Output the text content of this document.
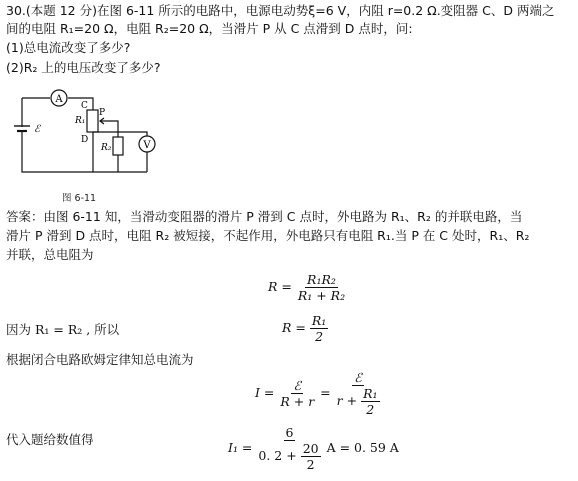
30.(本题 12 分)在图 6-11 所示的电路中，电源电动势ξ=6 V，内阻 r=0.2 Ω.变阻器 C、D 两端之
间的电阻 R₁=20 Ω，电阻 R₂=20 Ω，当滑片 P 从 C 点滑到 D 点时，问:
(1)总电流改变了多少?
(2)R₂ 上的电压改变了多少?
A
V
C
P
R₁
D
R₂
ℰ
图 6-11
答案：由图 6-11 知，当滑动变阻器的滑片 P 滑到 C 点时，外电路为 R₁、R₂ 的并联电路，当
滑片 P 滑到 D 点时，电阻 R₂ 被短接，不起作用，外电路只有电阻 R₁.当 P 在 C 处时，R₁、R₂
并联，总电阻为
$R = \frac{\text{R₁R₂}}{\text{R₁ + R₂}}$
因为 R₁ = R₂ , 所以	$R = \frac{\text{R₁}}{2}$
根据闭合电路欧姆定律知总电流为
$I = \frac{\text{ℰ}}{R + r} = \frac{\text{ℰ}}{r + \frac{\text{R₁}}{2}}$
代入题给数值得
$I_1 = \frac{6}{0. 2 + \frac{20}{2}}$ A = 0. 59 A
